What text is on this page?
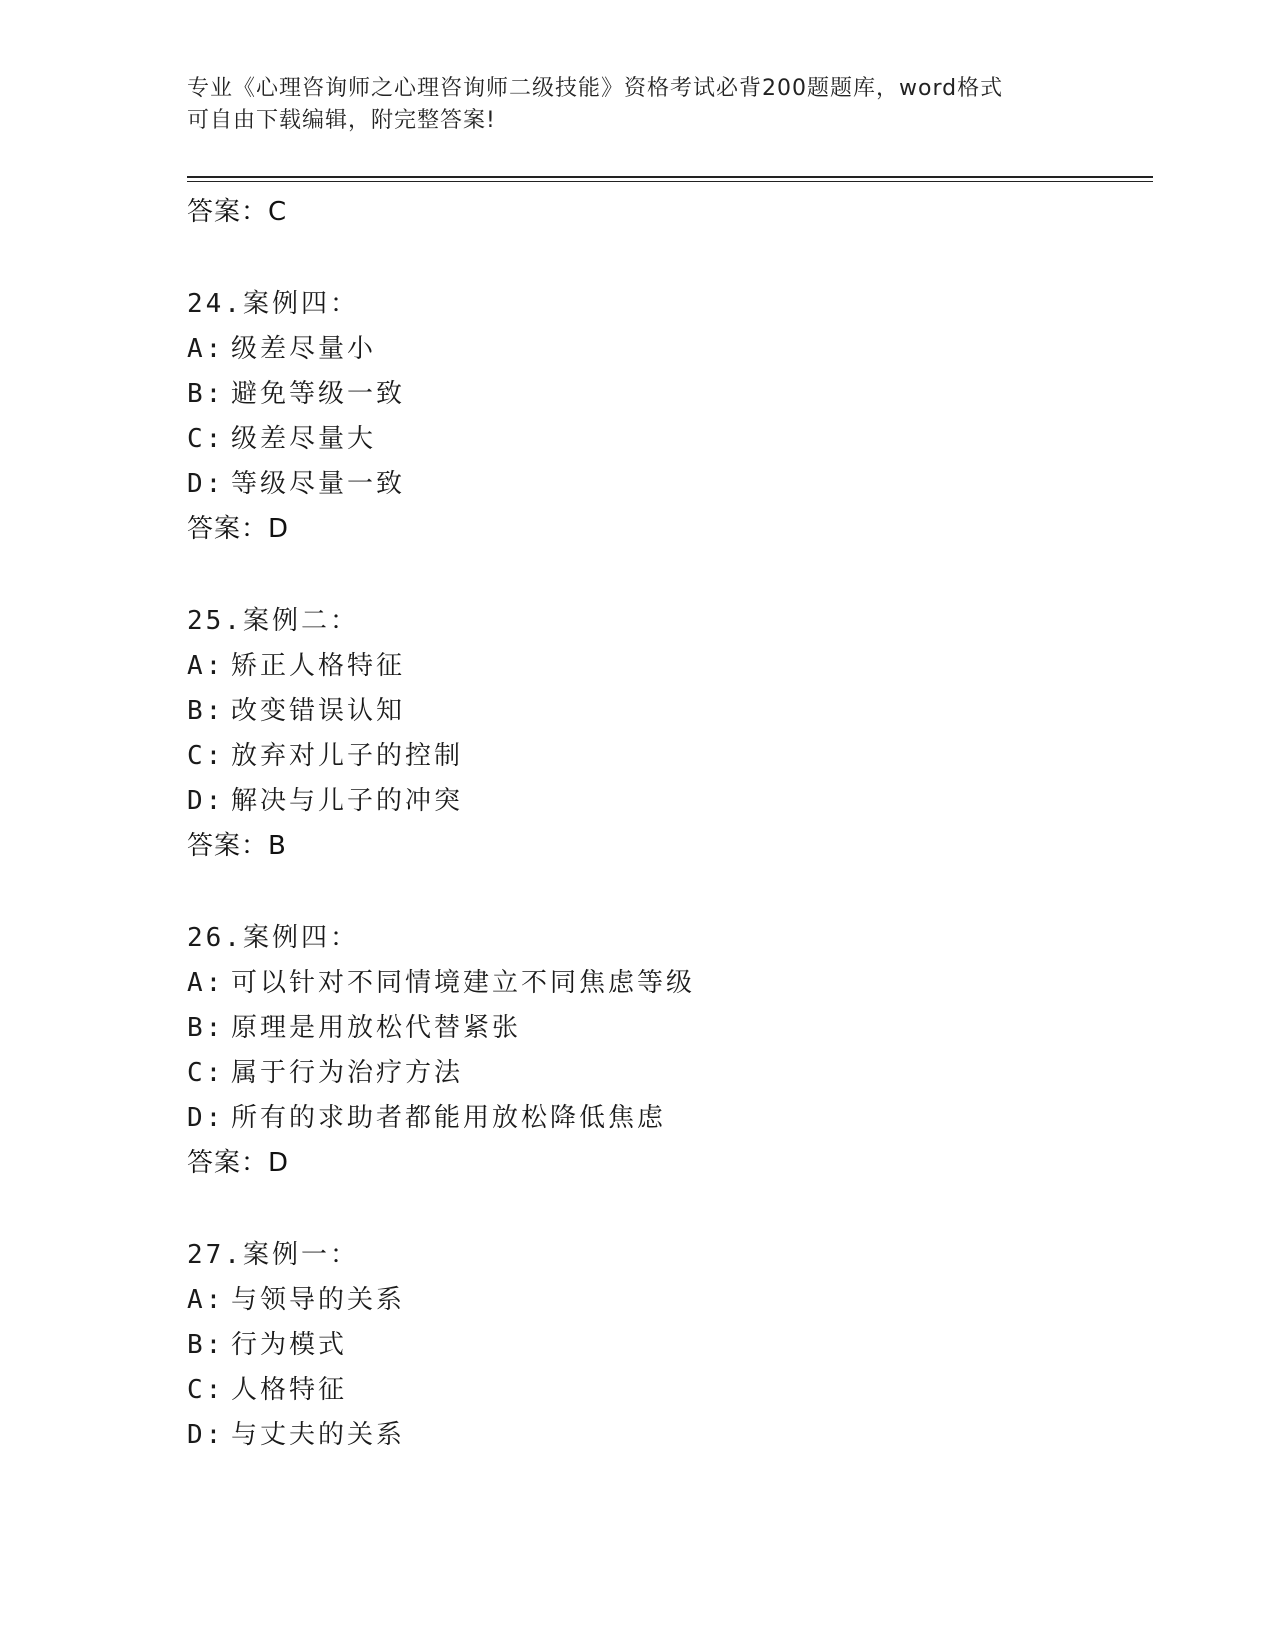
专业《心理咨询师之心理咨询师二级技能》资格考试必背200题题库，word格式
可自由下载编辑，附完整答案!
答案：C
24.案例四：
A: 级差尽量小
B: 避免等级一致
C: 级差尽量大
D: 等级尽量一致
答案：D
25.案例二：
A: 矫正人格特征
B: 改变错误认知
C: 放弃对儿子的控制
D: 解决与儿子的冲突
答案：B
26.案例四：
A: 可以针对不同情境建立不同焦虑等级
B: 原理是用放松代替紧张
C: 属于行为治疗方法
D: 所有的求助者都能用放松降低焦虑
答案：D
27.案例一：
A: 与领导的关系
B: 行为模式
C: 人格特征
D: 与丈夫的关系
